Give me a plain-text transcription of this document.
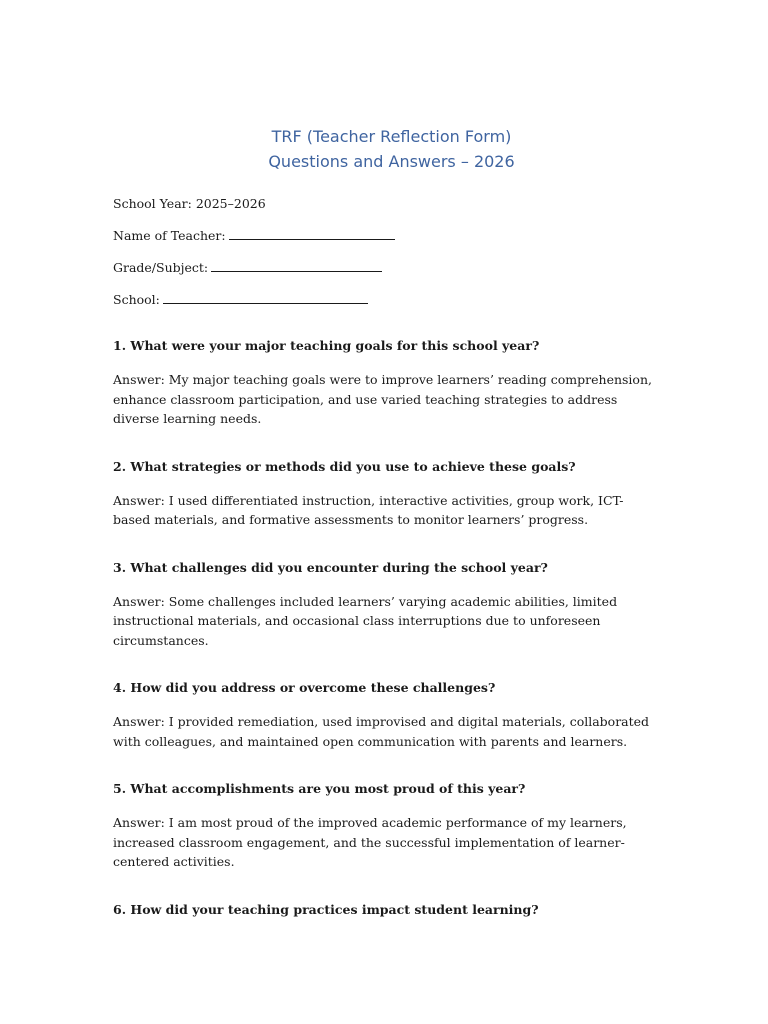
TRF (Teacher Reflection Form)
Questions and Answers – 2026
School Year: 2025–2026
Name of Teacher:
Grade/Subject:
School:
1. What were your major teaching goals for this school year?
Answer: My major teaching goals were to improve learners’ reading comprehension, enhance classroom participation, and use varied teaching strategies to address diverse learning needs.
2. What strategies or methods did you use to achieve these goals?
Answer: I used differentiated instruction, interactive activities, group work, ICT-based materials, and formative assessments to monitor learners’ progress.
3. What challenges did you encounter during the school year?
Answer: Some challenges included learners’ varying academic abilities, limited instructional materials, and occasional class interruptions due to unforeseen circumstances.
4. How did you address or overcome these challenges?
Answer: I provided remediation, used improvised and digital materials, collaborated with colleagues, and maintained open communication with parents and learners.
5. What accomplishments are you most proud of this year?
Answer: I am most proud of the improved academic performance of my learners, increased classroom engagement, and the successful implementation of learner-centered activities.
6. How did your teaching practices impact student learning?
